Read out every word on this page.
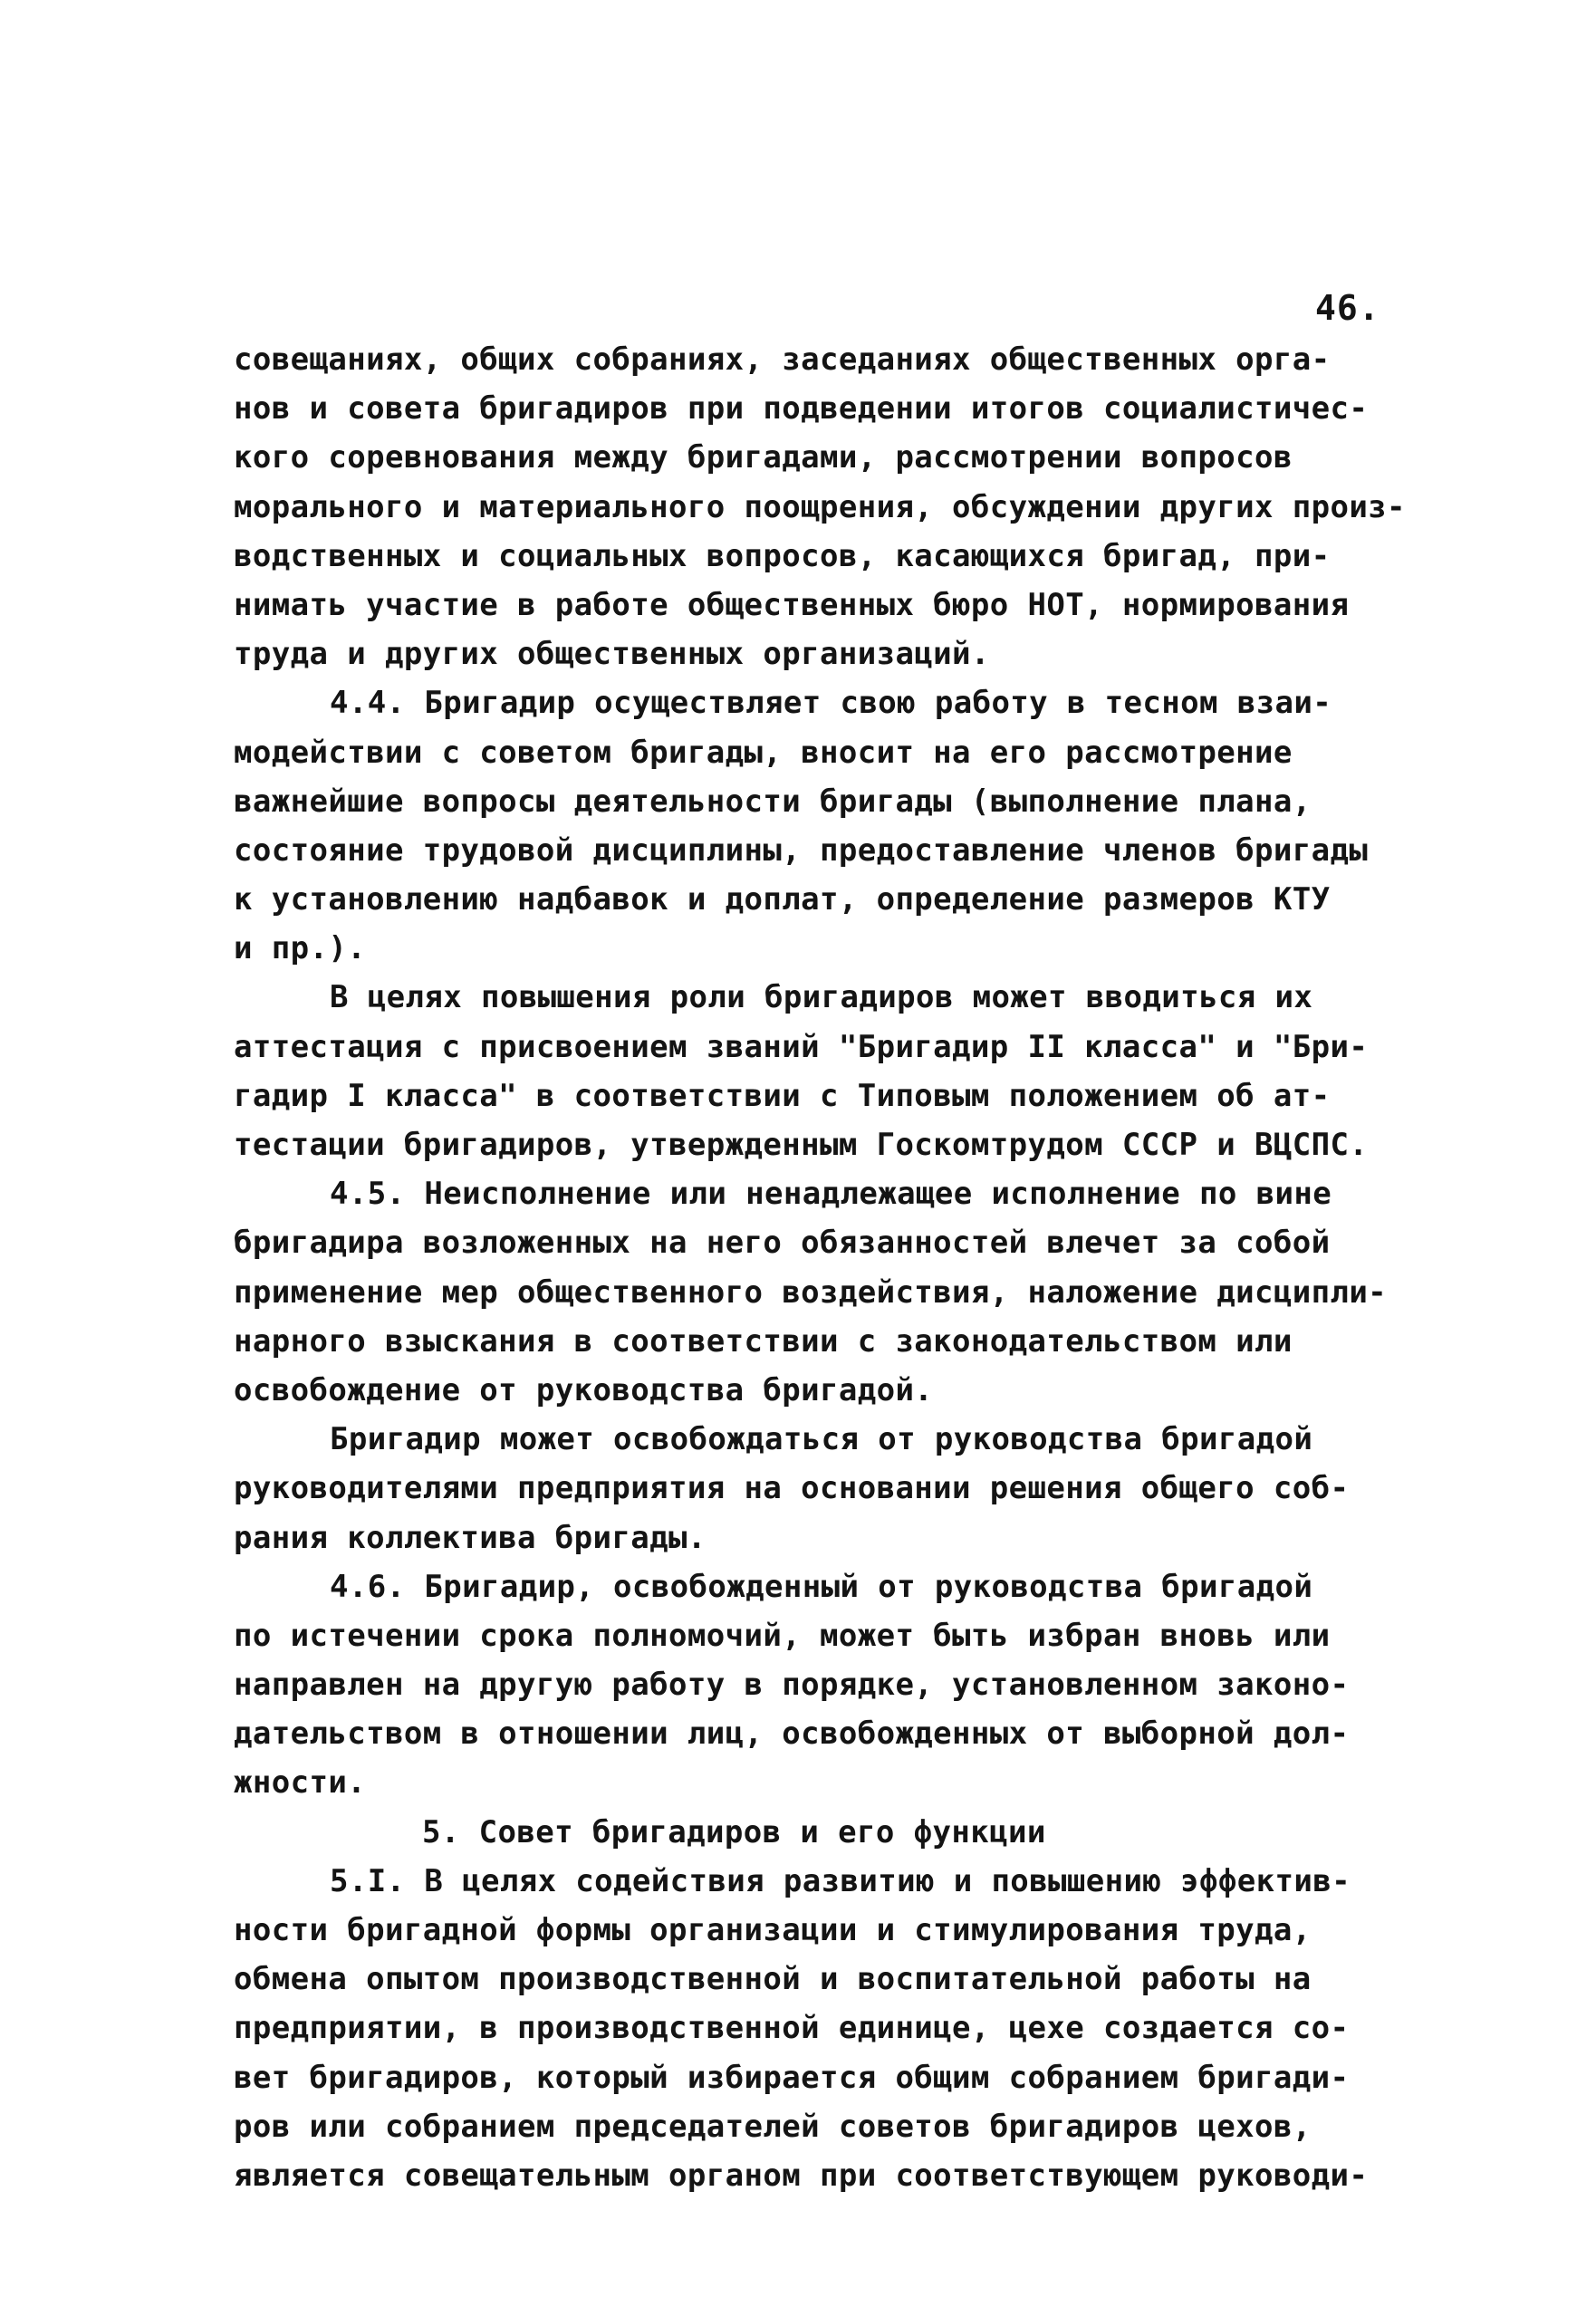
46.
совещаниях, общих собраниях, заседаниях общественных орга-
нов и совета бригадиров при подведении итогов социалистичес-
кого соревнования между бригадами, рассмотрении вопросов
морального и материального поощрения, обсуждении других произ-
водственных и социальных вопросов, касающихся бригад, при-
нимать участие в работе общественных бюро НОТ, нормирования
труда и других общественных организаций.
4.4. Бригадир осуществляет свою работу в тесном взаи-
модействии с советом бригады, вносит на его рассмотрение
важнейшие вопросы деятельности бригады (выполнение плана,
состояние трудовой дисциплины, предоставление членов бригады
к установлению надбавок и доплат, определение размеров КТУ
и пр.).
В целях повышения роли бригадиров может вводиться их
аттестация с присвоением званий "Бригадир II класса" и "Бри-
гадир I класса" в соответствии с Типовым положением об ат-
тестации бригадиров, утвержденным Госкомтрудом СССР и ВЦСПС.
4.5. Неисполнение или ненадлежащее исполнение по вине
бригадира возложенных на него обязанностей влечет за собой
применение мер общественного воздействия, наложение дисципли-
нарного взыскания в соответствии с законодательством или
освобождение от руководства бригадой.
Бригадир может освобождаться от руководства бригадой
руководителями предприятия на основании решения общего соб-
рания коллектива бригады.
4.6. Бригадир, освобожденный от руководства бригадой
по истечении срока полномочий, может быть избран вновь или
направлен на другую работу в порядке, установленном законо-
дательством в отношении лиц, освобожденных от выборной дол-
жности.
5. Совет бригадиров и его функции
5.I. В целях содействия развитию и повышению эффектив-
ности бригадной формы организации и стимулирования труда,
обмена опытом производственной и воспитательной работы на
предприятии, в производственной единице, цехе создается со-
вет бригадиров, который избирается общим собранием бригади-
ров или собранием председателей советов бригадиров цехов,
является совещательным органом при соответствующем руководи-
